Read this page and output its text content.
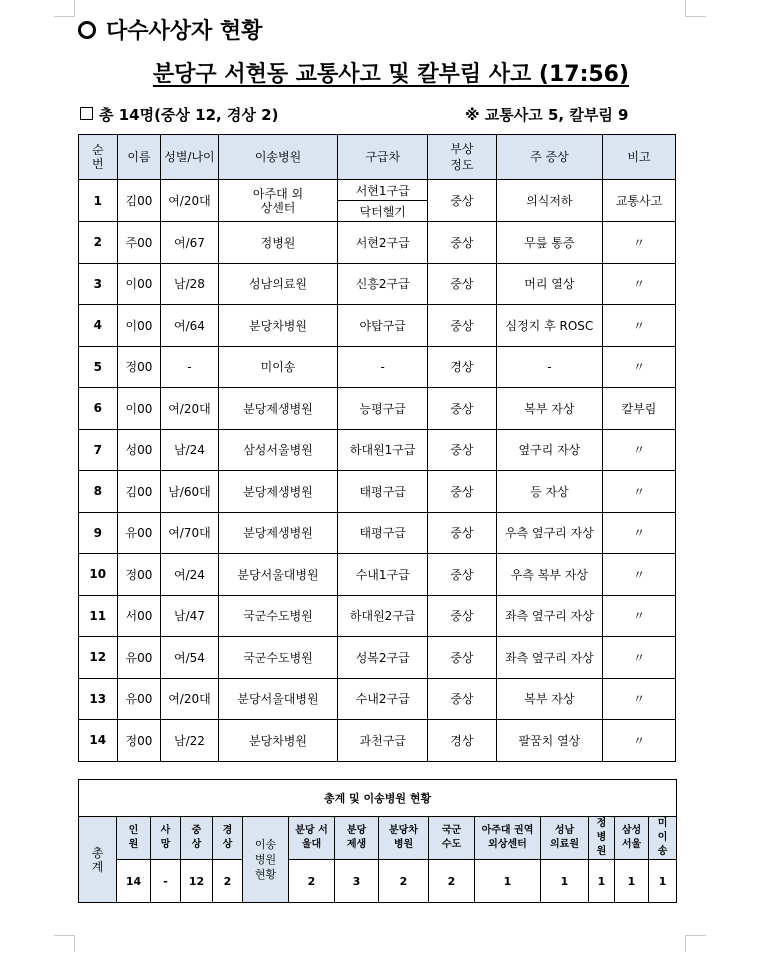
다수사상자 현황
분당구 서현동 교통사고 및 칼부림 사고 (17:56)
총 14명(중상 12, 경상 2)	※ 교통사고 5, 칼부림 9
순번	이름	성별/나이	이송병원	구급차	부상정도	주 증상	비고
1	김00	여/20대	아주대 외상센터	서현1구급	중상	의식저하	교통사고
				닥터헬기			
2	주00	여/67	정병원	서현2구급	중상	무릎 통증	〃
3	이00	남/28	성남의료원	신흥2구급	중상	머리 열상	〃
4	이00	여/64	분당차병원	야탑구급	중상	심정지 후 ROSC	〃
5	정00	-	미이송	-	경상	-	〃
6	이00	여/20대	분당제생병원	능평구급	중상	복부 자상	칼부림
7	성00	남/24	삼성서울병원	하대원1구급	중상	옆구리 자상	〃
8	김00	남/60대	분당제생병원	태평구급	중상	등 자상	〃
9	유00	여/70대	분당제생병원	태평구급	중상	우측 옆구리 자상	〃
10	정00	여/24	분당서울대병원	수내1구급	중상	우측 복부 자상	〃
11	서00	남/47	국군수도병원	하대원2구급	중상	좌측 옆구리 자상	〃
12	유00	여/54	국군수도병원	성복2구급	중상	좌측 옆구리 자상	〃
13	유00	여/20대	분당서울대병원	수내2구급	중상	복부 자상	〃
14	정00	남/22	분당차병원	과천구급	경상	팔꿈치 열상	〃
총계 및 이송병원 현황														
총계	인원	사망	중상	경상	이송병원현황	분당 서울대	분당 제생	분당차 병원	국군 수도	아주대 권역 외상센터	성남 의료원	정병원	삼성 서울	미이송
	14	-	12	2		2	3	2	2	1	1	1	1	1
